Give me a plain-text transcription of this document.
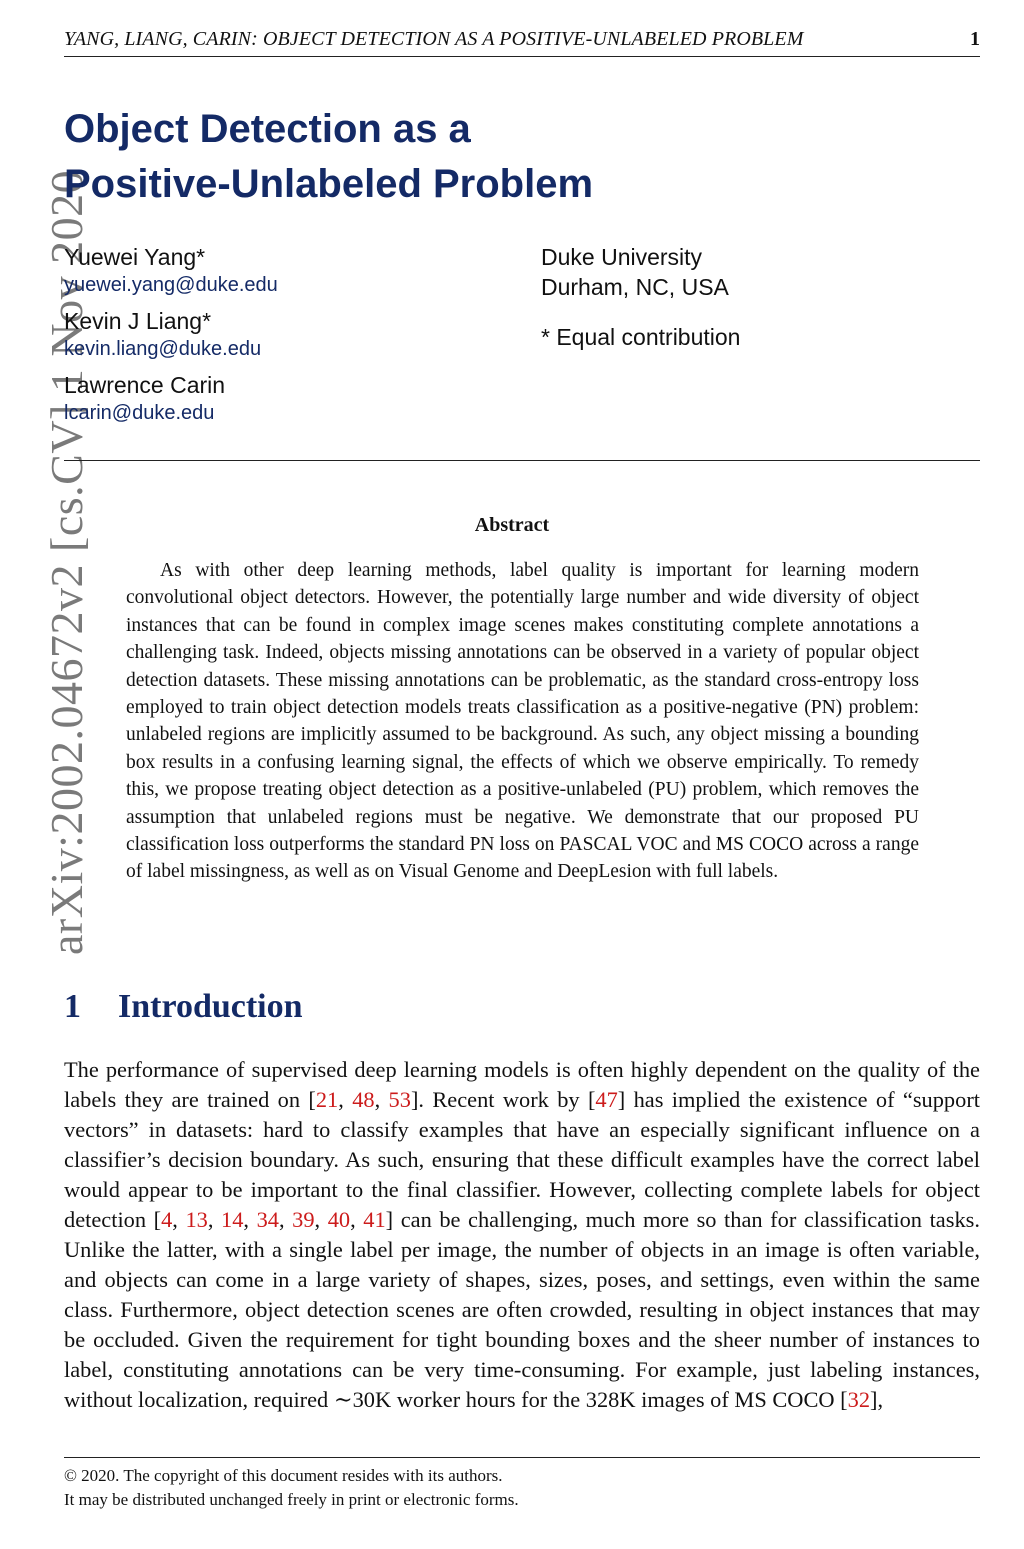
YANG, LIANG, CARIN: OBJECT DETECTION AS A POSITIVE-UNLABELED PROBLEM	1
arXiv:2002.04672v2 [cs.CV] 1 Nov 2020
Object Detection as a
Positive-Unlabeled Problem
Yuewei Yang*
yuewei.yang@duke.edu
Kevin J Liang*
kevin.liang@duke.edu
Lawrence Carin
lcarin@duke.edu
Duke University
Durham, NC, USA
* Equal contribution
Abstract

As with other deep learning methods, label quality is important for learning modern convolutional object detectors. However, the potentially large number and wide diversity of object instances that can be found in complex image scenes makes constituting complete annotations a challenging task. Indeed, objects missing annotations can be observed in a variety of popular object detection datasets. These missing annotations can be problematic, as the standard cross-entropy loss employed to train object detection models treats classification as a positive-negative (PN) problem: unlabeled regions are implicitly assumed to be background. As such, any object missing a bounding box results in a confusing learning signal, the effects of which we observe empirically. To remedy this, we propose treating object detection as a positive-unlabeled (PU) problem, which removes the assumption that unlabeled regions must be negative. We demonstrate that our proposed PU classification loss outperforms the standard PN loss on PASCAL VOC and MS COCO across a range of label missingness, as well as on Visual Genome and DeepLesion with full labels.

1 Introduction

The performance of supervised deep learning models is often highly dependent on the quality of the labels they are trained on [21, 48, 53]. Recent work by [47] has implied the existence of “support vectors” in datasets: hard to classify examples that have an especially significant influence on a classifier’s decision boundary. As such, ensuring that these difficult examples have the correct label would appear to be important to the final classifier. However, collecting complete labels for object detection [4, 13, 14, 34, 39, 40, 41] can be challenging, much more so than for classification tasks. Unlike the latter, with a single label per image, the number of objects in an image is often variable, and objects can come in a large variety of shapes, sizes, poses, and settings, even within the same class. Furthermore, object detection scenes are often crowded, resulting in object instances that may be occluded. Given the requirement for tight bounding boxes and the sheer number of instances to label, constituting annotations can be very time-consuming. For example, just labeling instances, without localization, required ∼30K worker hours for the 328K images of MS COCO [32],

© 2020. The copyright of this document resides with its authors.
It may be distributed unchanged freely in print or electronic forms.
